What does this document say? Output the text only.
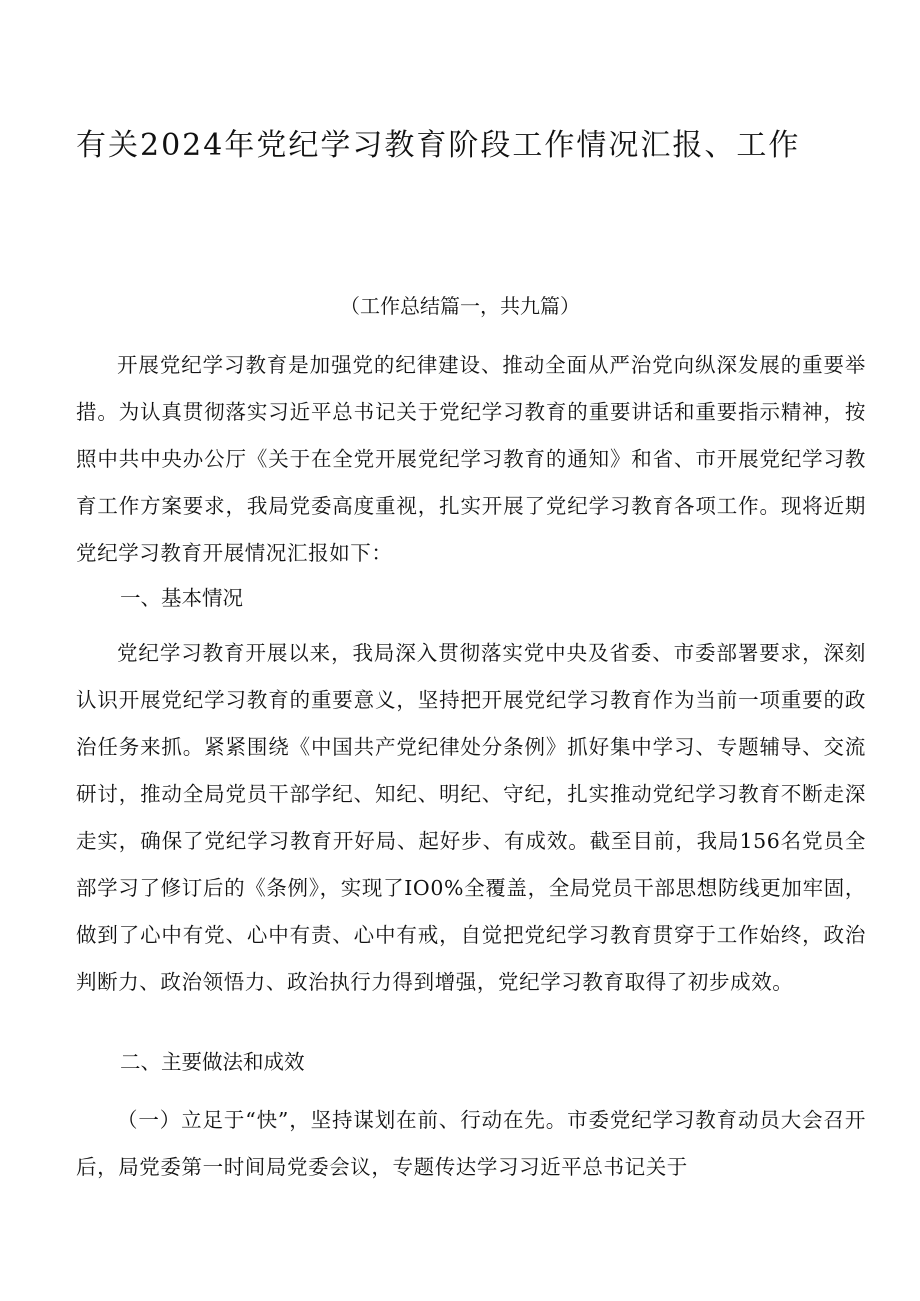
有关2024年党纪学习教育阶段工作情况汇报、工作
（工作总结篇一，共九篇）

开展党纪学习教育是加强党的纪律建设、推动全面从严治党向纵深发展的重要举措。为认真贯彻落实习近平总书记关于党纪学习教育的重要讲话和重要指示精神，按照中共中央办公厅《关于在全党开展党纪学习教育的通知》和省、市开展党纪学习教育工作方案要求，我局党委高度重视，扎实开展了党纪学习教育各项工作。现将近期党纪学习教育开展情况汇报如下：

一、基本情况

党纪学习教育开展以来，我局深入贯彻落实党中央及省委、市委部署要求，深刻认识开展党纪学习教育的重要意义，坚持把开展党纪学习教育作为当前一项重要的政治任务来抓。紧紧围绕《中国共产党纪律处分条例》抓好集中学习、专题辅导、交流研讨，推动全局党员干部学纪、知纪、明纪、守纪，扎实推动党纪学习教育不断走深走实，确保了党纪学习教育开好局、起好步、有成效。截至目前，我局156名党员全部学习了修订后的《条例》，实现了IO0%全覆盖，全局党员干部思想防线更加牢固，做到了心中有党、心中有责、心中有戒，自觉把党纪学习教育贯穿于工作始终，政治判断力、政治领悟力、政治执行力得到增强，党纪学习教育取得了初步成效。

二、主要做法和成效

（一）立足于“快”，坚持谋划在前、行动在先。市委党纪学习教育动员大会召开后，局党委第一时间局党委会议，专题传达学习习近平总书记关于
